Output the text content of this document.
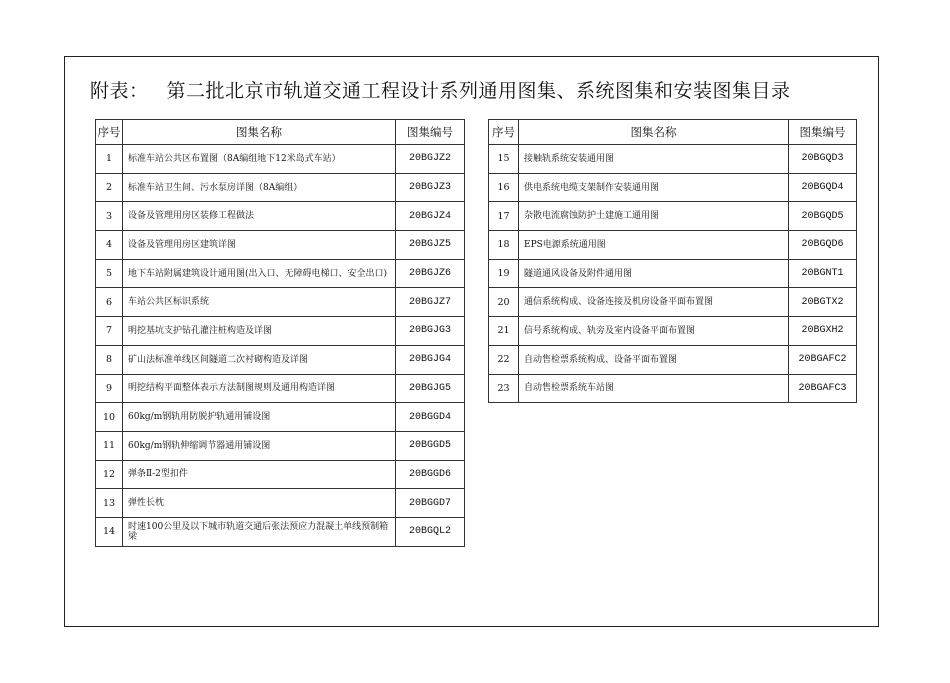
附表： 第二批北京市轨道交通工程设计系列通用图集、系统图集和安装图集目录
序号	图集名称	图集编号
1	标准车站公共区布置图（8A编组地下12米岛式车站）	20BGJZ2
2	标准车站卫生间、污水泵房详图（8A编组）	20BGJZ3
3	设备及管理用房区装修工程做法	20BGJZ4
4	设备及管理用房区建筑详图	20BGJZ5
5	地下车站附属建筑设计通用图(出入口、无障碍电梯口、安全出口)	20BGJZ6
6	车站公共区标识系统	20BGJZ7
7	明挖基坑支护钻孔灌注桩构造及详图	20BGJG3
8	矿山法标准单线区间隧道二次衬砌构造及详图	20BGJG4
9	明挖结构平面整体表示方法制图规则及通用构造详图	20BGJG5
10	60kg/m钢轨用防脱护轨通用铺设图	20BGGD4
11	60kg/m钢轨伸缩调节器通用铺设图	20BGGD5
12	弹条Ⅱ-2型扣件	20BGGD6
13	弹性长枕	20BGGD7
14	时速100公里及以下城市轨道交通后张法预应力混凝土单线预制箱梁	20BGQL2
序号	图集名称	图集编号
15	接触轨系统安装通用图	20BGQD3
16	供电系统电缆支架制作安装通用图	20BGQD4
17	杂散电流腐蚀防护土建施工通用图	20BGQD5
18	EPS电源系统通用图	20BGQD6
19	隧道通风设备及附件通用图	20BGNT1
20	通信系统构成、设备连接及机房设备平面布置图	20BGTX2
21	信号系统构成、轨旁及室内设备平面布置图	20BGXH2
22	自动售检票系统构成、设备平面布置图	20BGAFC2
23	自动售检票系统车站图	20BGAFC3
